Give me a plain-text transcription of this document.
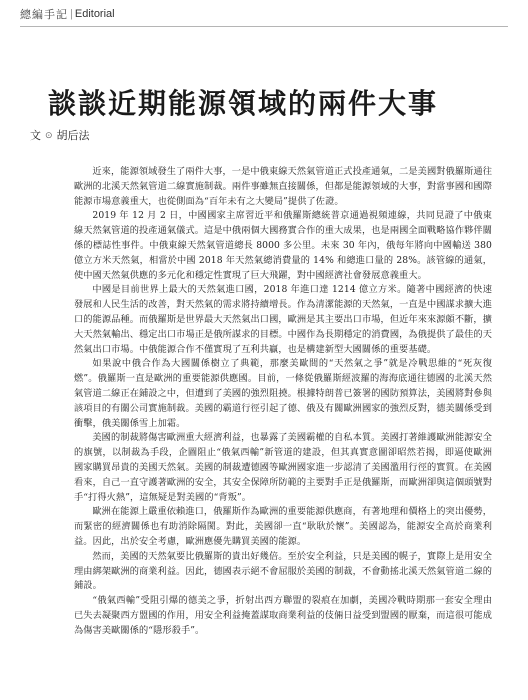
總編手記 | Editorial
談談近期能源領域的兩件大事
文 ⊙ 胡后法

近來，能源領域發生了兩件大事，一是中俄東線天然氣管道正式投產通氣，二是美國對俄羅斯通往歐洲的北溪天然氣管道二線實施制裁。兩件事雖無直接關係，但都是能源領域的大事，對當事國和國際能源市場意義重大，也從側面為“百年未有之大變局”提供了佐證。

2019 年 12 月 2 日，中國國家主席習近平和俄羅斯總統普京通過視頻連線，共同見證了中俄東線天然氣管道的投產通氣儀式。這是中俄兩個大國務實合作的重大成果，也是兩國全面戰略協作夥伴關係的標誌性事件。中俄東線天然氣管道總長 8000 多公里。未來 30 年內，俄每年將向中國輸送 380 億立方米天然氣，相當於中國 2018 年天然氣總消費量的 14% 和總進口量的 28%。該管線的通氣，使中國天然氣供應的多元化和穩定性實現了巨大飛躍，對中國經濟社會發展意義重大。

中國是目前世界上最大的天然氣進口國，2018 年進口達 1214 億立方米。隨著中國經濟的快速發展和人民生活的改善，對天然氣的需求將持續增長。作為清潔能源的天然氣，一直是中國謀求擴大進口的能源品種。而俄羅斯是世界最大天然氣出口國，歐洲是其主要出口市場，但近年來來源頗不斷，擴大天然氣輸出、穩定出口市場正是俄所謀求的目標。中國作為長期穩定的消費國，為俄提供了最佳的天然氣出口市場。中俄能源合作不僅實現了互利共贏，也是構建新型大國關係的重要基礎。

如果說中俄合作為大國關係樹立了典範，那麼美歐間的“天然氣之爭”就是冷戰思維的“死灰復燃”。俄羅斯一直是歐洲的重要能源供應國。目前，一條從俄羅斯經波羅的海海底通往德國的北溪天然氣管道二線正在鋪設之中，但遭到了美國的強烈阻撓。根據特朗普已簽署的國防預算法，美國將對參與該項目的有關公司實施制裁。美國的霸道行徑引起了德、俄及有關歐洲國家的強烈反對，德美關係受到衝擊，俄美關係雪上加霜。

美國的制裁將傷害歐洲重大經濟利益，也暴露了美國霸權的自私本質。美國打著維護歐洲能源安全的旗號，以制裁為手段，企圖阻止“俄氣西輸”新管道的建設，但其真實意圖卻昭然若揭，即逼使歐洲國家購買昂貴的美國天然氣。美國的制裁遭德國等歐洲國家進一步認清了美國濫用行徑的實質。在美國看來，自己一直守護著歐洲的安全，其安全保障所防範的主要對手正是俄羅斯，而歐洲卻與這個頭號對手“打得火熱”，這無疑是對美國的“背叛”。

歐洲在能源上嚴重依賴進口，俄羅斯作為歐洲的重要能源供應商，有著地理和價格上的突出優勢，而緊密的經濟關係也有助消除隔閡。對此，美國卻一直“耿耿於懷”。美國認為，能源安全高於商業利益。因此，出於安全考慮，歐洲應優先購買美國的能源。

然而，美國的天然氣要比俄羅斯的貴出好幾倍。至於安全利益，只是美國的幌子，實際上是用安全理由綁架歐洲的商業利益。因此，德國表示絕不會屈服於美國的制裁，不會動搖北溪天然氣管道二線的鋪設。

“俄氣西輸”受阻引爆的德美之爭，折射出西方聯盟的裂痕在加劇，美國冷戰時期那一套安全理由已失去凝聚西方盟國的作用，用安全利益掩蓋謀取商業利益的伎倆日益受到盟國的厭棄，而這很可能成為傷害美歐關係的“隱形殺手”。
